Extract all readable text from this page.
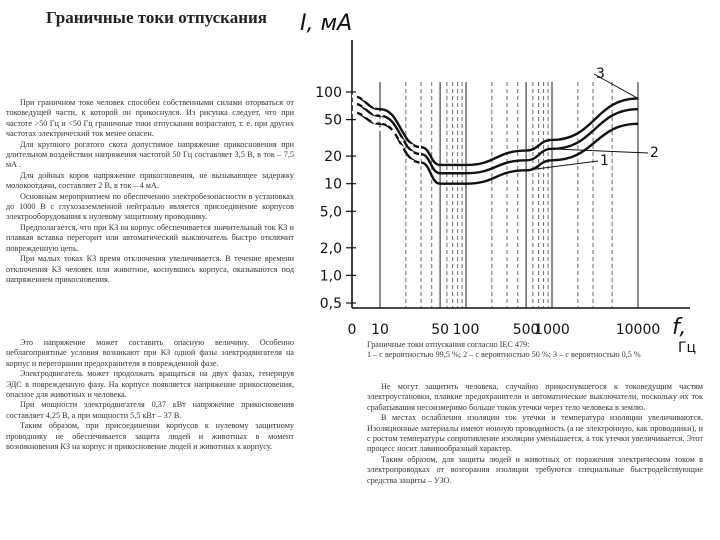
Граничные токи отпускания

При граничном токе человек способен собственными силами оторваться от токоведущей части, к которой он прикоснулся. Из рисунка следует, что при частоте >50 Гц и <50 Гц граничные токи отпускания возрастают, т. е. при других частотах электрический ток менее опасен.

Для крупного рогатого скота допустимое напряжение прикосновения при длительном воздействии напряжения частотой 50 Гц составляет 3,5 В, в ток – 7,5 мА .

Для дойных коров напряжение прикосновения, не вызывающее задержку молокоотдачи, составляет 2 В, в ток – 4 мА.

Основным мероприятием по обеспечению электробезопасности в установках до 1000 В с глухозаземленной нейтралью является присоединение корпусов электрооборудования к нулевому защитному проводнику.

Предполагается, что при КЗ на корпус обеспечивается значительный ток КЗ и плавкая вставка перегорит или автоматический выключатель быстро отключит поврежденную цепь.

При малых токах КЗ время отключения увеличивается. В течение времени отключения КЗ человек или животное, коснувшись корпуса, оказываются под напряжением прикосновения.

Это напряжение может составить опасную величину. Особенно неблагоприятные условия возникают при КЗ одной фазы электродвигателя на корпус и перегорании предохранителя в поврежденной фазе.

Электродвигатель может продолжать вращаться на двух фазах, генерируя ЭДС в поврежденную фазу. На корпусе появляется напряжение прикосновения, опасное для животных и человека.

При мощности электродвигателя 0,37 кВт напряжение прикосновения составляет 4,25 В, а при мощности 5,5 кВт – 37 В.

Таким образом, при присоединении корпусов к нулевому защитному проводнику не обеспечивается защита людей и животных в момент возникновения КЗ на корпус и прикосновение людей и животных к корпусу.

Граничные токи отпускания согласно IEC 479:

1 – с вероятностью 99,5 %; 2 – с вероятностью 50 %; 3 – с вероятностью 0,5 %

Не могут защитить человека, случайно прикоснувшегося к токоведущим частям электроустановки, плавкие предохранители и автоматические выключатели, поскольку их ток срабатывания несоизмеримо больше токов утечки через тело человека в землю.

В местах ослабления изоляции ток утечки и температура изоляции увеличиваются. Изоляционные материалы имеют ионную проводимость (а не электронную, как проводники), и с ростом температуры сопротивление изоляции уменьшается, а ток утечки увеличивается. Этот процесс носит лавинообразный характер.

Таким образом, для защиты людей и животных от поражения электрическим током в электропроводках от возгорания изоляции требуются специальные быстродействующие средства защиты – УЗО.

100
50
20
10
5,0
2,0
1,0
0,5
0 10	50 100 500
1000	10000
I, мА
f,
Гц
1	2
3
